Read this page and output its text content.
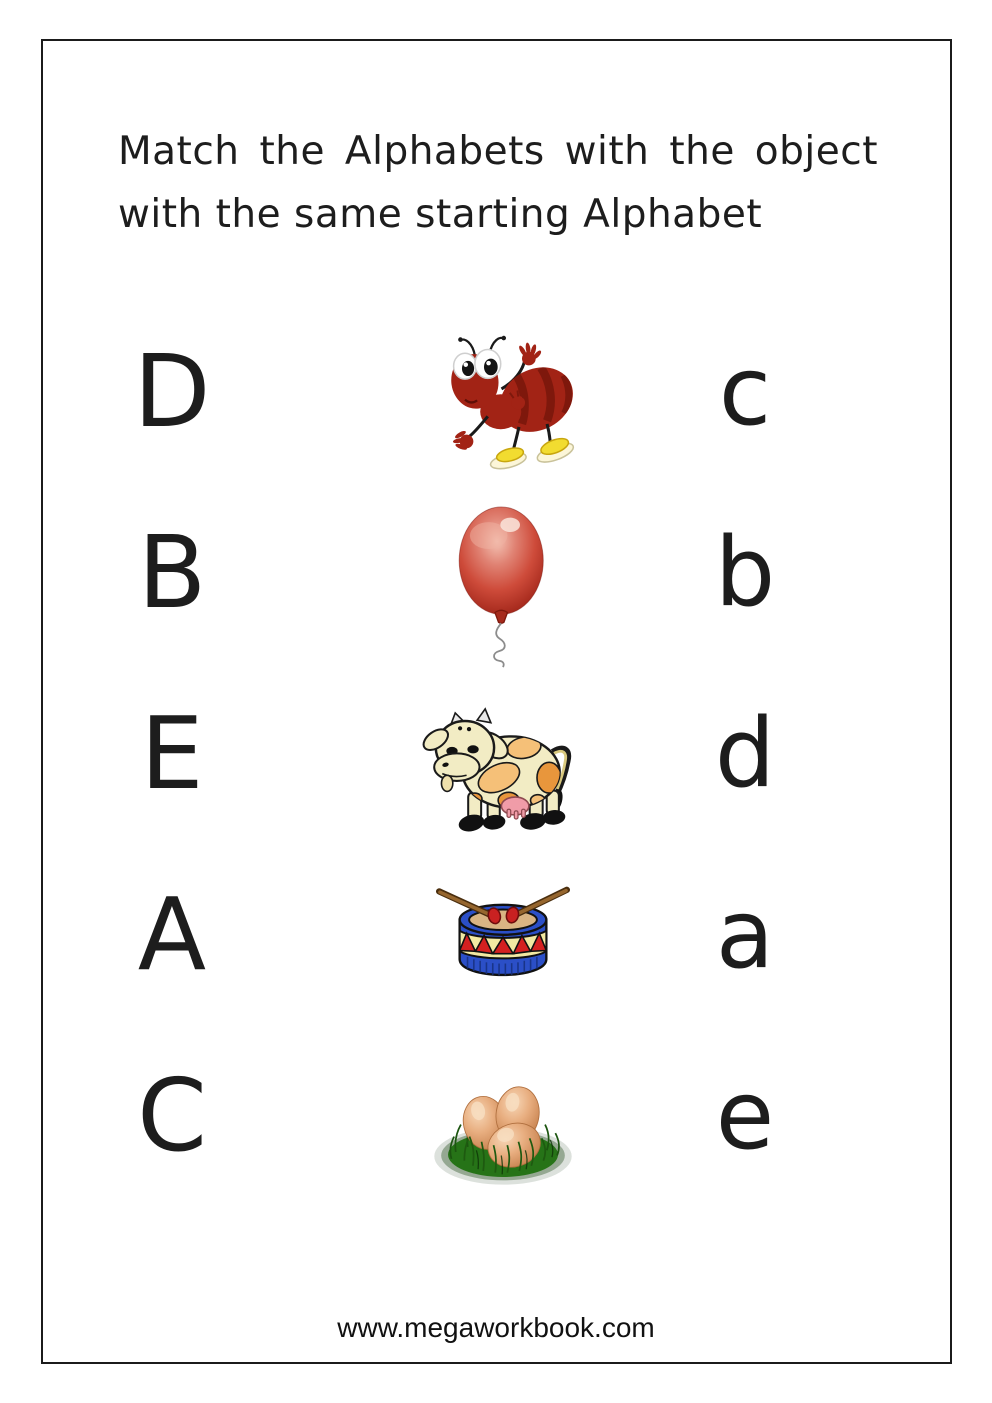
Match the Alphabets with the object
with the same starting Alphabet
D	c
B	b
E	d
A	a
C	e
www.megaworkbook.com
